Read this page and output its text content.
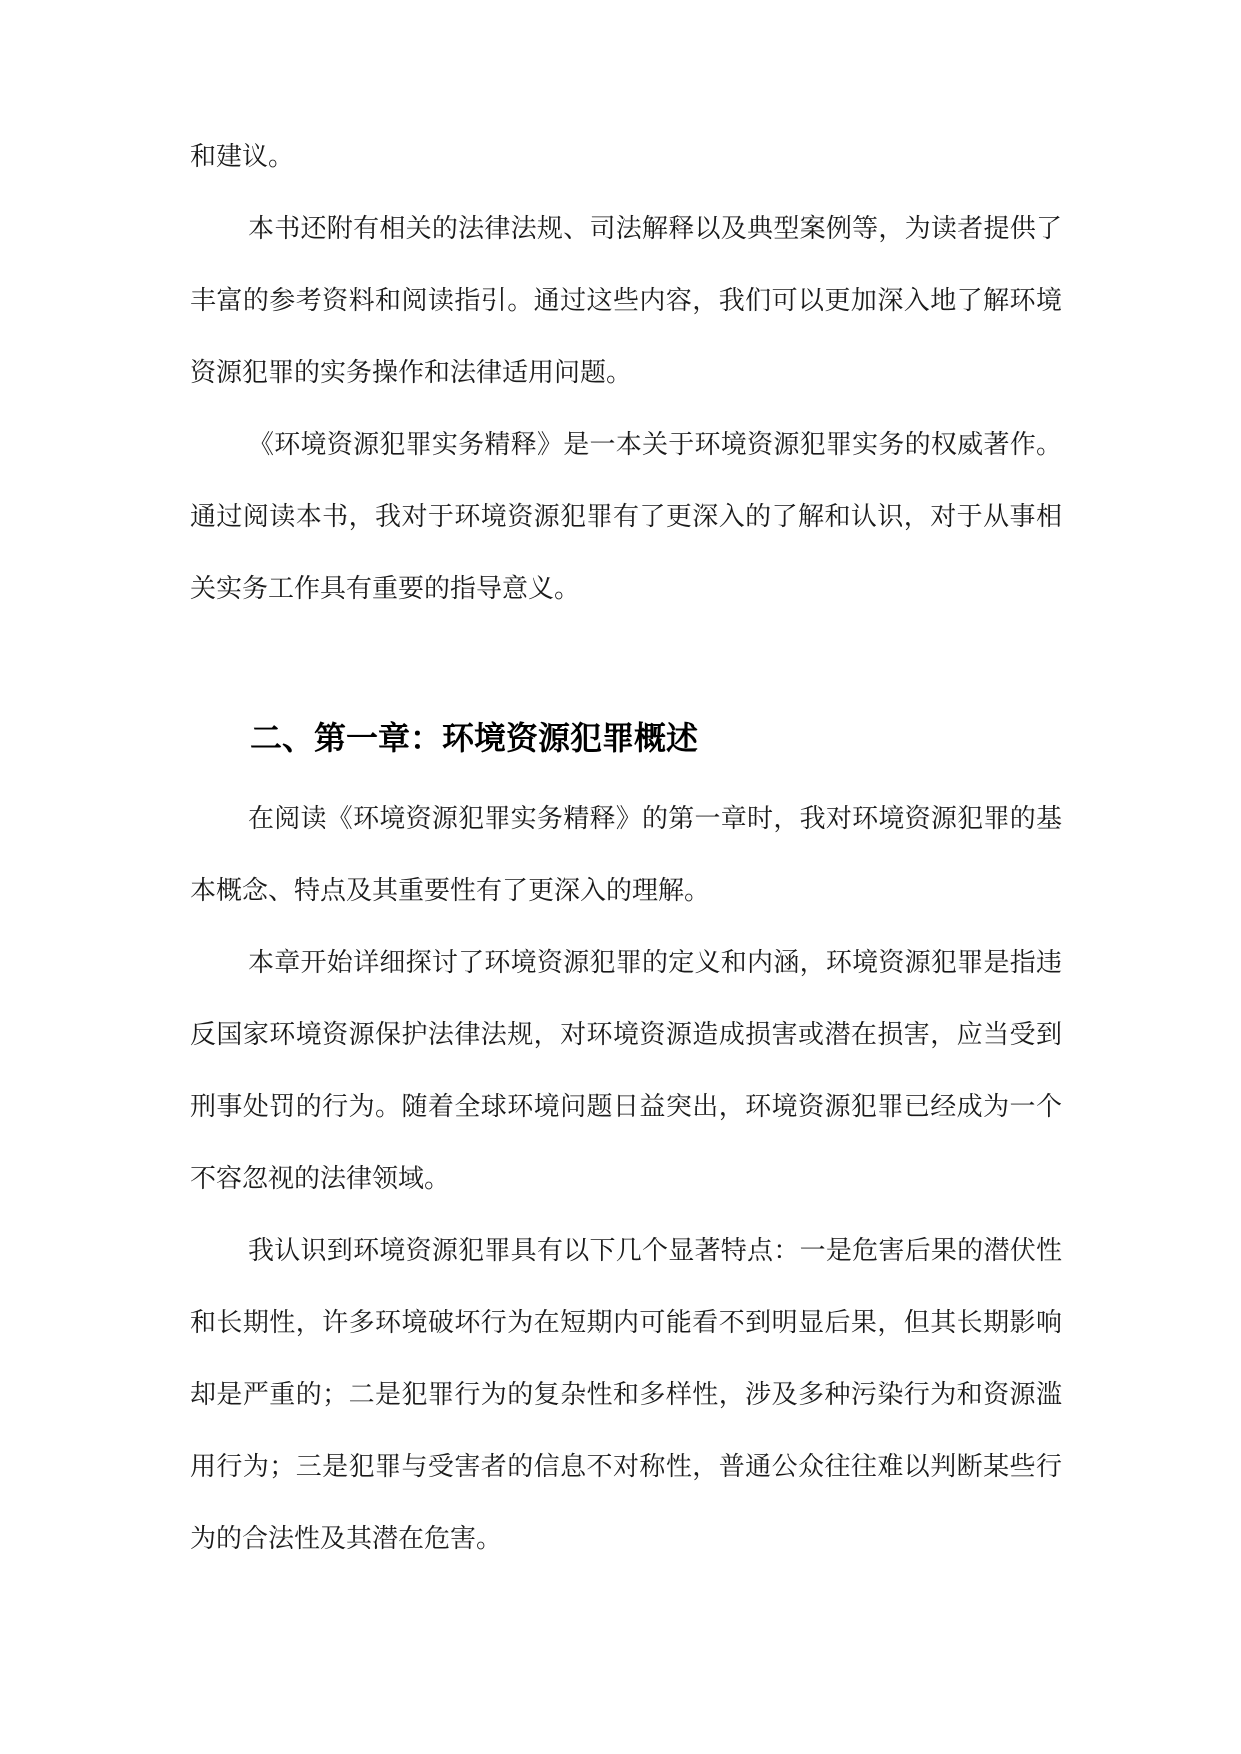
和建议。

本书还附有相关的法律法规、司法解释以及典型案例等，为读者提供了丰富的参考资料和阅读指引。通过这些内容，我们可以更加深入地了解环境资源犯罪的实务操作和法律适用问题。

《环境资源犯罪实务精释》是一本关于环境资源犯罪实务的权威著作。通过阅读本书，我对于环境资源犯罪有了更深入的了解和认识，对于从事相关实务工作具有重要的指导意义。

二、第一章：环境资源犯罪概述

在阅读《环境资源犯罪实务精释》的第一章时，我对环境资源犯罪的基本概念、特点及其重要性有了更深入的理解。

本章开始详细探讨了环境资源犯罪的定义和内涵，环境资源犯罪是指违反国家环境资源保护法律法规，对环境资源造成损害或潜在损害，应当受到刑事处罚的行为。随着全球环境问题日益突出，环境资源犯罪已经成为一个不容忽视的法律领域。

我认识到环境资源犯罪具有以下几个显著特点：一是危害后果的潜伏性和长期性，许多环境破坏行为在短期内可能看不到明显后果，但其长期影响却是严重的；二是犯罪行为的复杂性和多样性，涉及多种污染行为和资源滥用行为；三是犯罪与受害者的信息不对称性，普通公众往往难以判断某些行为的合法性及其潜在危害。
